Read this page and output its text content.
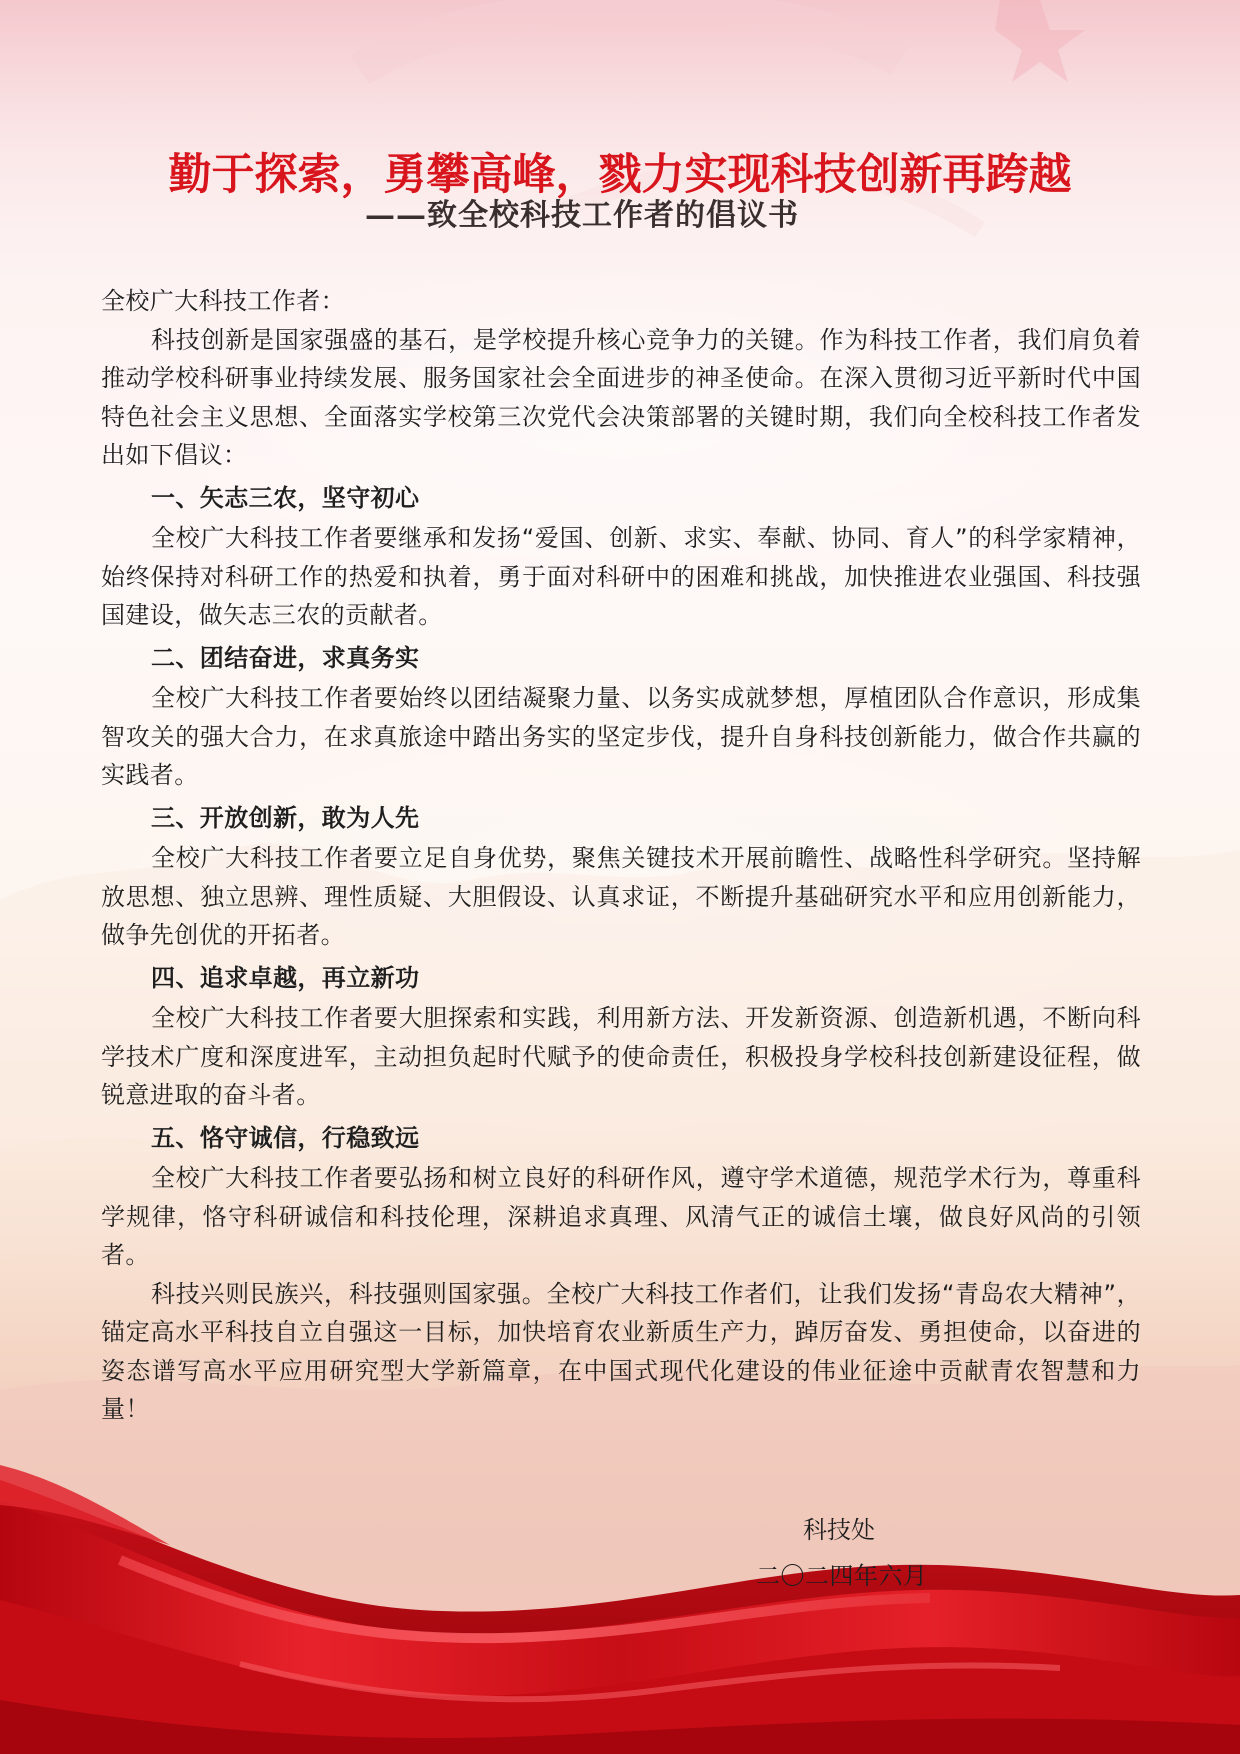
勤于探索，勇攀高峰，戮力实现科技创新再跨越
——致全校科技工作者的倡议书

全校广大科技工作者：

科技创新是国家强盛的基石，是学校提升核心竞争力的关键。作为科技工作者，我们肩负着推动学校科研事业持续发展、服务国家社会全面进步的神圣使命。在深入贯彻习近平新时代中国特色社会主义思想、全面落实学校第三次党代会决策部署的关键时期，我们向全校科技工作者发出如下倡议：

一、矢志三农，坚守初心

全校广大科技工作者要继承和发扬“爱国、创新、求实、奉献、协同、育人”的科学家精神，始终保持对科研工作的热爱和执着，勇于面对科研中的困难和挑战，加快推进农业强国、科技强国建设，做矢志三农的贡献者。

二、团结奋进，求真务实

全校广大科技工作者要始终以团结凝聚力量、以务实成就梦想，厚植团队合作意识，形成集智攻关的强大合力，在求真旅途中踏出务实的坚定步伐，提升自身科技创新能力，做合作共赢的实践者。

三、开放创新，敢为人先

全校广大科技工作者要立足自身优势，聚焦关键技术开展前瞻性、战略性科学研究。坚持解放思想、独立思辨、理性质疑、大胆假设、认真求证，不断提升基础研究水平和应用创新能力，做争先创优的开拓者。

四、追求卓越，再立新功

全校广大科技工作者要大胆探索和实践，利用新方法、开发新资源、创造新机遇，不断向科学技术广度和深度进军，主动担负起时代赋予的使命责任，积极投身学校科技创新建设征程，做锐意进取的奋斗者。

五、恪守诚信，行稳致远

全校广大科技工作者要弘扬和树立良好的科研作风，遵守学术道德，规范学术行为，尊重科学规律，恪守科研诚信和科技伦理，深耕追求真理、风清气正的诚信土壤，做良好风尚的引领者。

科技兴则民族兴，科技强则国家强。全校广大科技工作者们，让我们发扬“青岛农大精神”，锚定高水平科技自立自强这一目标，加快培育农业新质生产力，踔厉奋发、勇担使命，以奋进的姿态谱写高水平应用研究型大学新篇章，在中国式现代化建设的伟业征途中贡献青农智慧和力量！

科技处
二〇二四年六月
